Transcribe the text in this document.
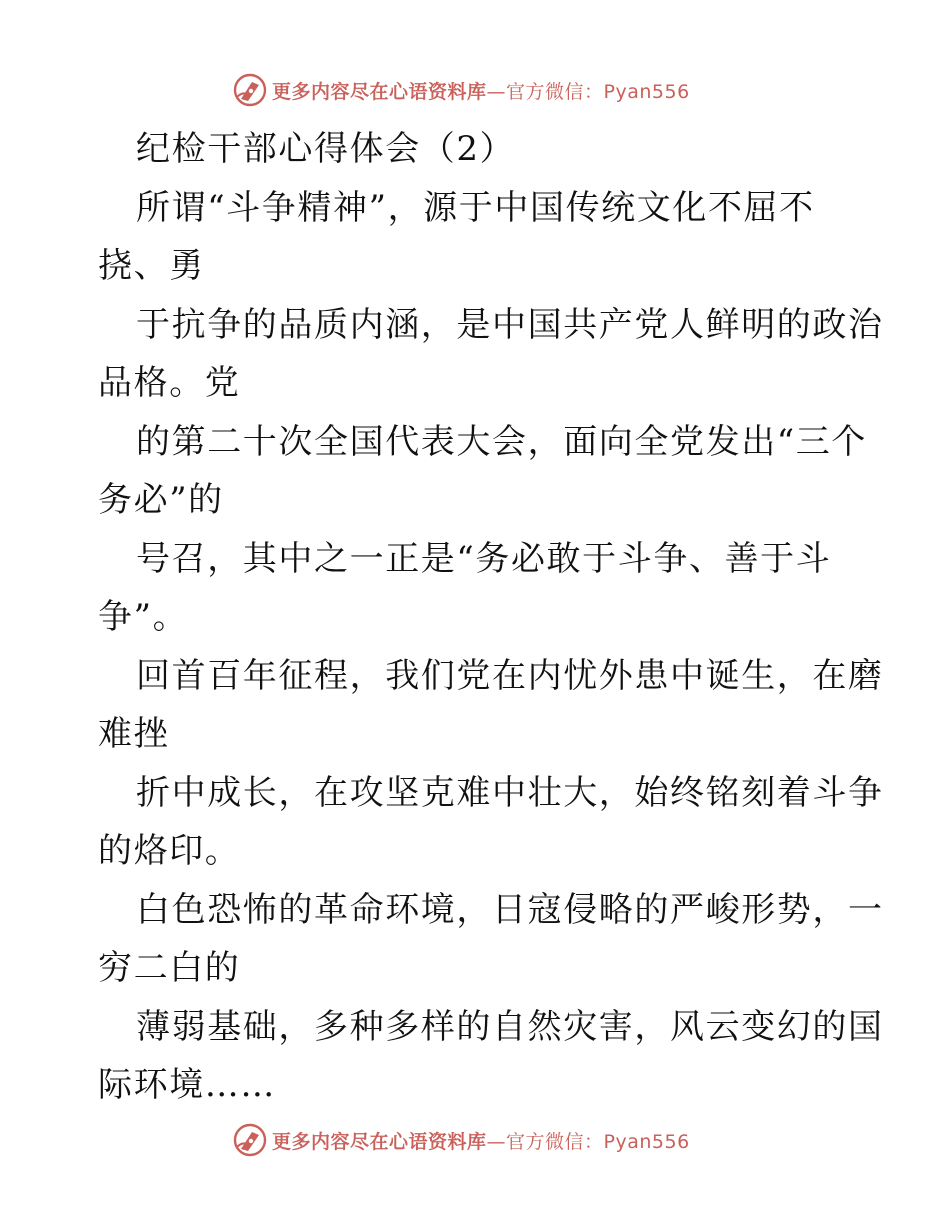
更多内容尽在心语资料库—官方微信：Pyan556
纪检干部心得体会（2）
所谓“斗争精神”，源于中国传统文化不屈不
挠、勇
于抗争的品质内涵，是中国共产党人鲜明的政治
品格。党
的第二十次全国代表大会，面向全党发出“三个
务必”的
号召，其中之一正是“务必敢于斗争、善于斗
争”。
回首百年征程，我们党在内忧外患中诞生，在磨
难挫
折中成长，在攻坚克难中壮大，始终铭刻着斗争
的烙印。
白色恐怖的革命环境，日寇侵略的严峻形势，一
穷二白的
薄弱基础，多种多样的自然灾害，风云变幻的国
际环境……
更多内容尽在心语资料库—官方微信：Pyan556
